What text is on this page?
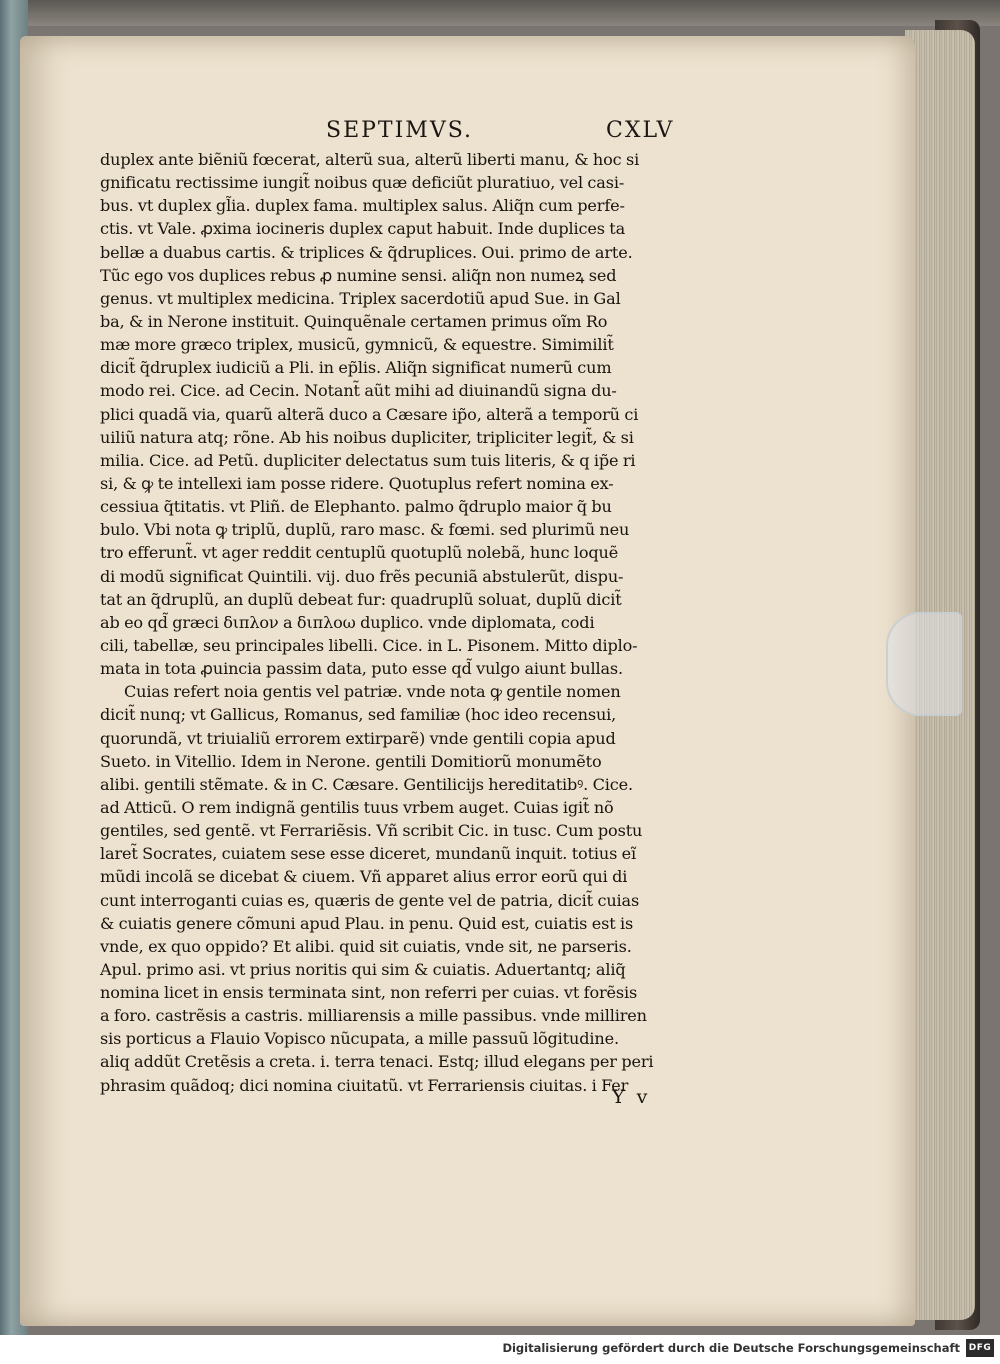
SEPTIMVS.	CXLV
duplex ante biẽniũ fœcerat, alterũ sua, alterũ liberti manu, & hoc si
gnificatu rectissime iungit̃ noibus quæ deficiũt pluratiuo, vel casi-
bus. vt duplex gl̃ia. duplex fama. multiplex salus. Aliq̃n cum perfe-
ctis. vt Vale. ꝓxima iocineris duplex caput habuit. Inde duplices ta
bellæ a duabus cartis. & triplices & q̃druplices. Oui. primo de arte.
Tũc ego vos duplices rebus ꝓ numine sensi. aliq̃n non numeꝝ sed
genus. vt multiplex medicina. Triplex sacerdotiũ apud Sue. in Gal
ba, & in Nerone instituit. Quinquẽnale certamen primus oĩm Ro
mæ more græco triplex, musicũ, gymnicũ, & equestre. Simimilit̃
dicit̃ q̃druplex iudiciũ a Pli. in ep̃lis. Aliq̃n significat numerũ cum
modo rei. Cice. ad Cecin. Notant̃ aũt mihi ad diuinandũ signa du-
plici quadã via, quarũ alterã duco a Cæsare ip̃o, alterã a temporũ ci
uiliũ natura atq; rõne. Ab his noibus dupliciter, tripliciter legit̃, & si
milia. Cice. ad Petũ. dupliciter delectatus sum tuis literis, & q ip̃e ri
si, & ꝙ te intellexi iam posse ridere. Quotuplus refert nomina ex-
cessiua q̃titatis. vt Pliñ. de Elephanto. palmo q̃druplo maior q̃ bu
bulo. Vbi nota ꝙ triplũ, duplũ, raro masc. & fœmi. sed plurimũ neu
tro efferunt̃. vt ager reddit centuplũ quotuplũ nolebã, hunc loquẽ
di modũ significat Quintili. vij. duo frẽs pecuniã abstulerũt, dispu-
tat an q̃druplũ, an duplũ debeat fur: quadruplũ soluat, duplũ dicit̃
ab eo qd̃ græci διπλον a διπλοω duplico. vnde diplomata, codi
cili, tabellæ, seu principales libelli. Cice. in L. Pisonem. Mitto diplo-
mata in tota ꝓuincia passim data, puto esse qd̃ vulgo aiunt bullas.
Cuias refert noia gentis vel patriæ. vnde nota ꝙ gentile nomen
dicit̃ nunq; vt Gallicus, Romanus, sed familiæ (hoc ideo recensui,
quorundã, vt triuialiũ errorem extirparẽ) vnde gentili copia apud
Sueto. in Vitellio. Idem in Nerone. gentili Domitiorũ monumẽto
alibi. gentili stẽmate. & in C. Cæsare. Gentilicijs hereditatibꝰ. Cice.
ad Atticũ. O rem indignã gentilis tuus vrbem auget. Cuias igit̃ nõ
gentiles, sed gentẽ. vt Ferrariẽsis. Vñ scribit Cic. in tusc. Cum postu
laret̃ Socrates, cuiatem sese esse diceret, mundanũ inquit. totius eĩ
mũdi incolã se dicebat & ciuem. Vñ apparet alius error eorũ qui di
cunt interroganti cuias es, quæris de gente vel de patria, dicit̃ cuias
& cuiatis genere cõmuni apud Plau. in penu. Quid est, cuiatis est is
vnde, ex quo oppido? Et alibi. quid sit cuiatis, vnde sit, ne parseris.
Apul. primo asi. vt prius noritis qui sim & cuiatis. Aduertantq; aliq̃
nomina licet in ensis terminata sint, non referri per cuias. vt forẽsis
a foro. castrẽsis a castris. milliarensis a mille passibus. vnde milliren
sis porticus a Flauio Vopisco nũcupata, a mille passuũ lõgitudine.
aliq addũt Cretẽsis a creta. i. terra tenaci. Estq; illud elegans per peri
phrasim quãdoq; dici nomina ciuitatũ. vt Ferrariensis ciuitas. i Fer
Y v
Digitalisierung gefördert durch die Deutsche Forschungsgemeinschaft DFG
